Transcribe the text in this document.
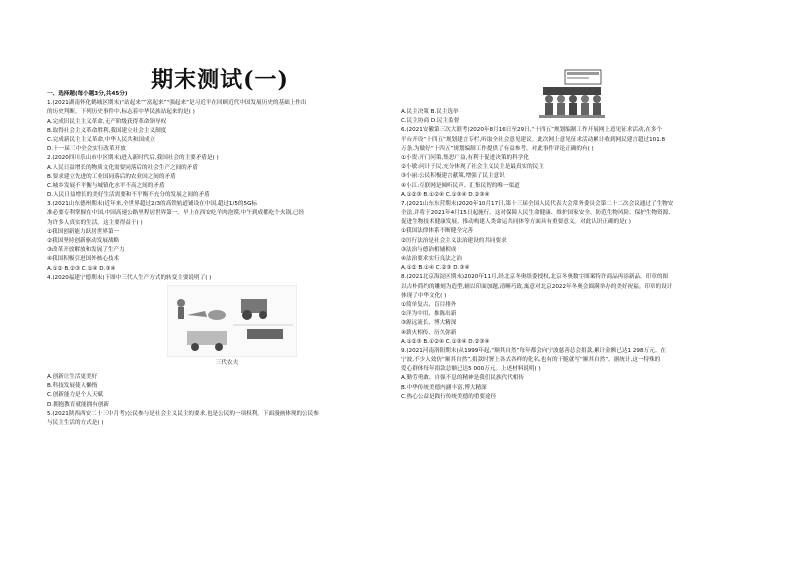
期末测试(一)
一、选择题(每小题3分,共45分)
1.(2021湖南怀化鹤城区期末)“站起来”“富起来”“强起来”是习近平在回顾近代中国发展历史的基础上作出
的历史判断。下列历史事件中,标志着中华民族站起来的是( )
A.完成旧民主主义革命,无产阶级获得革命领导权
B.取得社会主义革命胜利,我国建立社会主义制度
C.完成新民主主义革命,中华人民共和国成立
D.十一届三中全会实行改革开放
2.(2020四川乐山市中区期末)进入新时代后,我国社会的主要矛盾是( )
A.人民日益增长的物质文化需要同落后的社会生产之间的矛盾
B.要求建立先进的工业国同落后的农业国之间的矛盾
C.城乡发展不平衡与城镇化水平不高之间的矛盾
D.人民日益增长的美好生活需要和不平衡不充分的发展之间的矛盾
3.(2021山东德州期末)近年来,全世界超过2/3的高铁轨道铺设在中国,超过1/5的5G标
准必要专利掌握在中国,中国高速公路里程居世界第一。早上在西安吃羊肉泡馍,中午到成都吃个火锅,已经
为许多人真实的生活。这主要得益于( )
①我国创新能力跃居世界第一
②我国坚持创新驱动发展战略
③改革开放解放和发展了生产力
④我国积极引进国外核心技术
A.①② B.②③ C.①④ D.③④
4.(2020福建宁德期末)下图中三代人生产方式的转变主要说明了( )
三代农夫
A.创新让生活更美好
B.科技发展使人懒惰
C.创新能力是个人天赋
D.拥抱教育就能拥有创新
5.(2021陕西西安二十三中月考)公民参与是社会主义民主的要求,也是公民的一项权利。下面漫画体现的公民参
与民主生活的方式是( )
A.民主决策 B.民主选举
C.民主协商 D.民主监督
6.(2021安徽第三次大联考)2020年8月16日至29日,“十四五”规划编制工作开展网上意见征求活动,在多个
平台开设“十四五”规划建言专栏,听取全社会意见建议。此次网上意见征求活动累计收到网民建言超过101.8
万条,为做好“十四五”规划编制工作提供了有益参考。对此事件评论正确的有( )
①小贺:开门问策,集思广益,有利于促进决策的科学化
②小敏:问计于民,充分体现了社会主义民主是最真实的民主
③小丽:公民积极建言献策,增强了民主意识
④小江:互联网是倾听民声、汇集民智的唯一渠道
A.①②③ B.①②④ C.①③④ D.②③④
7.(2021山东东营期末)2020年10月17日,第十三届全国人民代表大会常务委员会第二十二次会议通过了生物安
全法,并将于2021年4月15日起施行。这对保障人民生命健康、维护国家安全、防范生物风险、保护生物资源、
促进生物技术健康发展、推动构建人类命运共同体等方面具有重要意义。对此认识正确的是( )
①我国法律体系不断健全完善
②厉行法治是社会主义法治建设的共同要求
③法治与德治相辅相成
④法治要求实行良法之治
A.①② B.①④ C.②③ D.③④
8.(2021北京海淀区期末)2020年11月,经北京冬奥组委授权,北京冬奥数字图案特许商品再添新品。印章的图
以古朴简约的雕刻为造型,辅以印面加题,清晰巧致,寓意对北京2022年冬奥会圆满举办的美好祝福。印章的设计
体现了中华文化( )
①简单复古、盲目排外
②洋为中用、推陈出新
③源远流长、博大精深
④薪火相传、历久弥新
A.①②③ B.①②④ C.①③④ D.②③④
9.(2021河南洛阳期末)从1999年起,“顺其自然”每年都会向宁波慈善总会捐款,累计金额已达1 298万元。在
宁波,不少人效仿“顺其自然”,捐款时署上各式各样的化名,也有的干脆就写“顺其自然”。据统计,这一特殊的
爱心群体每年捐款总额已达5 000万元。上述材料说明( )
A.勤劳勇敢、自强不息的精神是我们民族代代相传
B.中华传统美德内涵丰富,博大精深
C.热心公益是践行传统美德的重要途径
